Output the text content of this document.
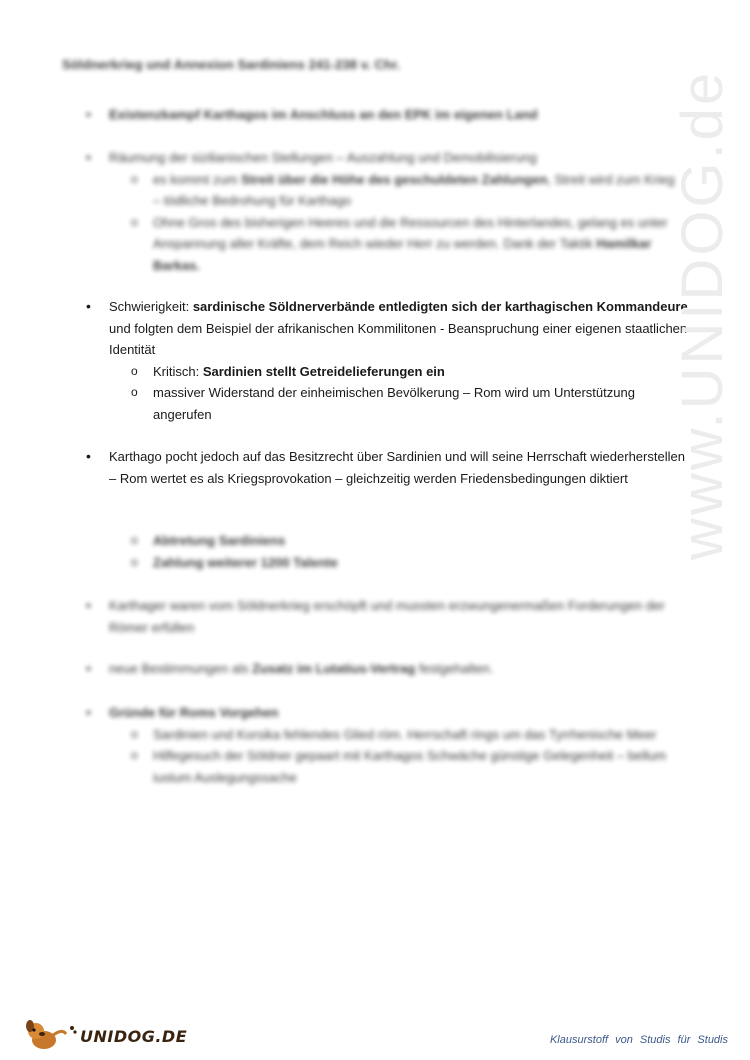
Söldnerkrieg und Annexion Sardiniens 241-238 v. Chr.
• Existenzkampf Karthagos im Anschluss an den EPK im eigenen Land
• Räumung der sizilianischen Stellungen – Auszahlung und Demobilisierung

o es kommt zum Streit über die Höhe des geschuldeten Zahlungen, Streit wird zum Krieg – tödliche Bedrohung für Karthago

o Ohne Gros des bisherigen Heeres und die Ressourcen des Hinterlandes, gelang es unter Anspannung aller Kräfte, dem Reich wieder Herr zu werden. Dank der Taktik Hamilkar Barkas.

• Schwierigkeit: sardinische Söldnerverbände entledigten sich der karthagischen Kommandeure und folgten dem Beispiel der afrikanischen Kommilitonen - Beanspruchung einer eigenen staatlichen Identität

o Kritisch: Sardinien stellt Getreidelieferungen ein

o massiver Widerstand der einheimischen Bevölkerung – Rom wird um Unterstützung angerufen

• Karthago pocht jedoch auf das Besitzrecht über Sardinien und will seine Herrschaft wiederherstellen – Rom wertet es als Kriegsprovokation – gleichzeitig werden Friedensbedingungen diktiert

o Abtretung Sardiniens

o Zahlung weiterer 1200 Talente

• Karthager waren vom Söldnerkrieg erschöpft und mussten erzwungenermaßen Forderungen der Römer erfüllen
• neue Bestimmungen als Zusatz im Lutatius-Vertrag festgehalten.
• Gründe für Roms Vorgehen

o Sardinien und Korsika fehlendes Glied röm. Herrschaft rings um das Tyrrhenische Meer

o Hilfegesuch der Söldner gepaart mit Karthagos Schwäche günstige Gelegenheit – bellum iustum Auslegungssache

www.UNIDOG.de
UNIDOG.DE	Klausurstoff von Studis für Studis
